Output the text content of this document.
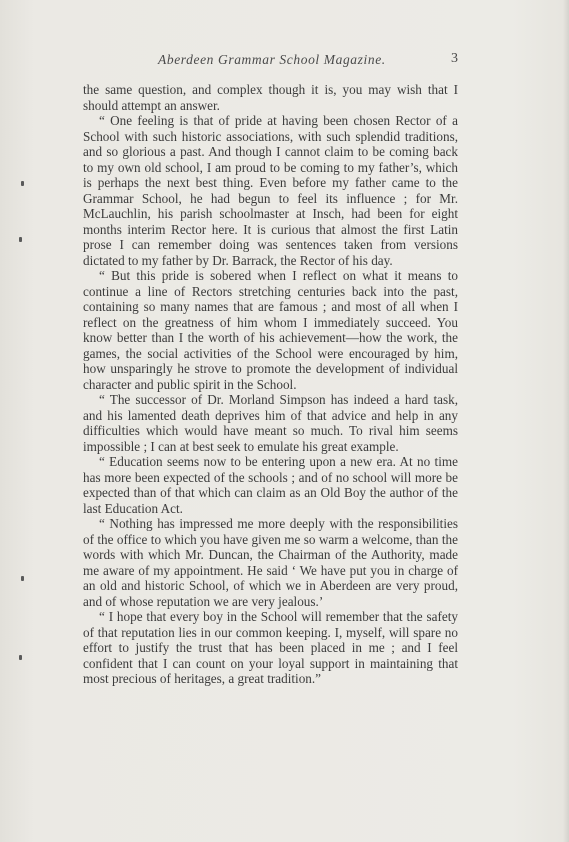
Aberdeen Grammar School Magazine.	3

the same question, and complex though it is, you may wish that I should attempt an answer.

“ One feeling is that of pride at having been chosen Rector of a School with such historic associations, with such splendid traditions, and so glorious a past. And though I cannot claim to be coming back to my own old school, I am proud to be coming to my father’s, which is perhaps the next best thing. Even before my father came to the Grammar School, he had begun to feel its influence ; for Mr. McLauchlin, his parish schoolmaster at Insch, had been for eight months interim Rector here. It is curious that almost the first Latin prose I can remember doing was sentences taken from versions dictated to my father by Dr. Barrack, the Rector of his day.

“ But this pride is sobered when I reflect on what it means to continue a line of Rectors stretching centuries back into the past, containing so many names that are famous ; and most of all when I reflect on the greatness of him whom I immediately succeed. You know better than I the worth of his achievement—how the work, the games, the social activities of the School were encouraged by him, how unsparingly he strove to promote the development of individual character and public spirit in the School.

“ The successor of Dr. Morland Simpson has indeed a hard task, and his lamented death deprives him of that advice and help in any difficulties which would have meant so much. To rival him seems impossible ; I can at best seek to emulate his great example.

“ Education seems now to be entering upon a new era. At no time has more been expected of the schools ; and of no school will more be expected than of that which can claim as an Old Boy the author of the last Education Act.

“ Nothing has impressed me more deeply with the responsibilities of the office to which you have given me so warm a welcome, than the words with which Mr. Duncan, the Chairman of the Authority, made me aware of my appointment. He said ‘ We have put you in charge of an old and historic School, of which we in Aberdeen are very proud, and of whose reputation we are very jealous.’

“ I hope that every boy in the School will remember that the safety of that reputation lies in our common keeping. I, myself, will spare no effort to justify the trust that has been placed in me ; and I feel confident that I can count on your loyal support in maintaining that most precious of heritages, a great tradition.”
